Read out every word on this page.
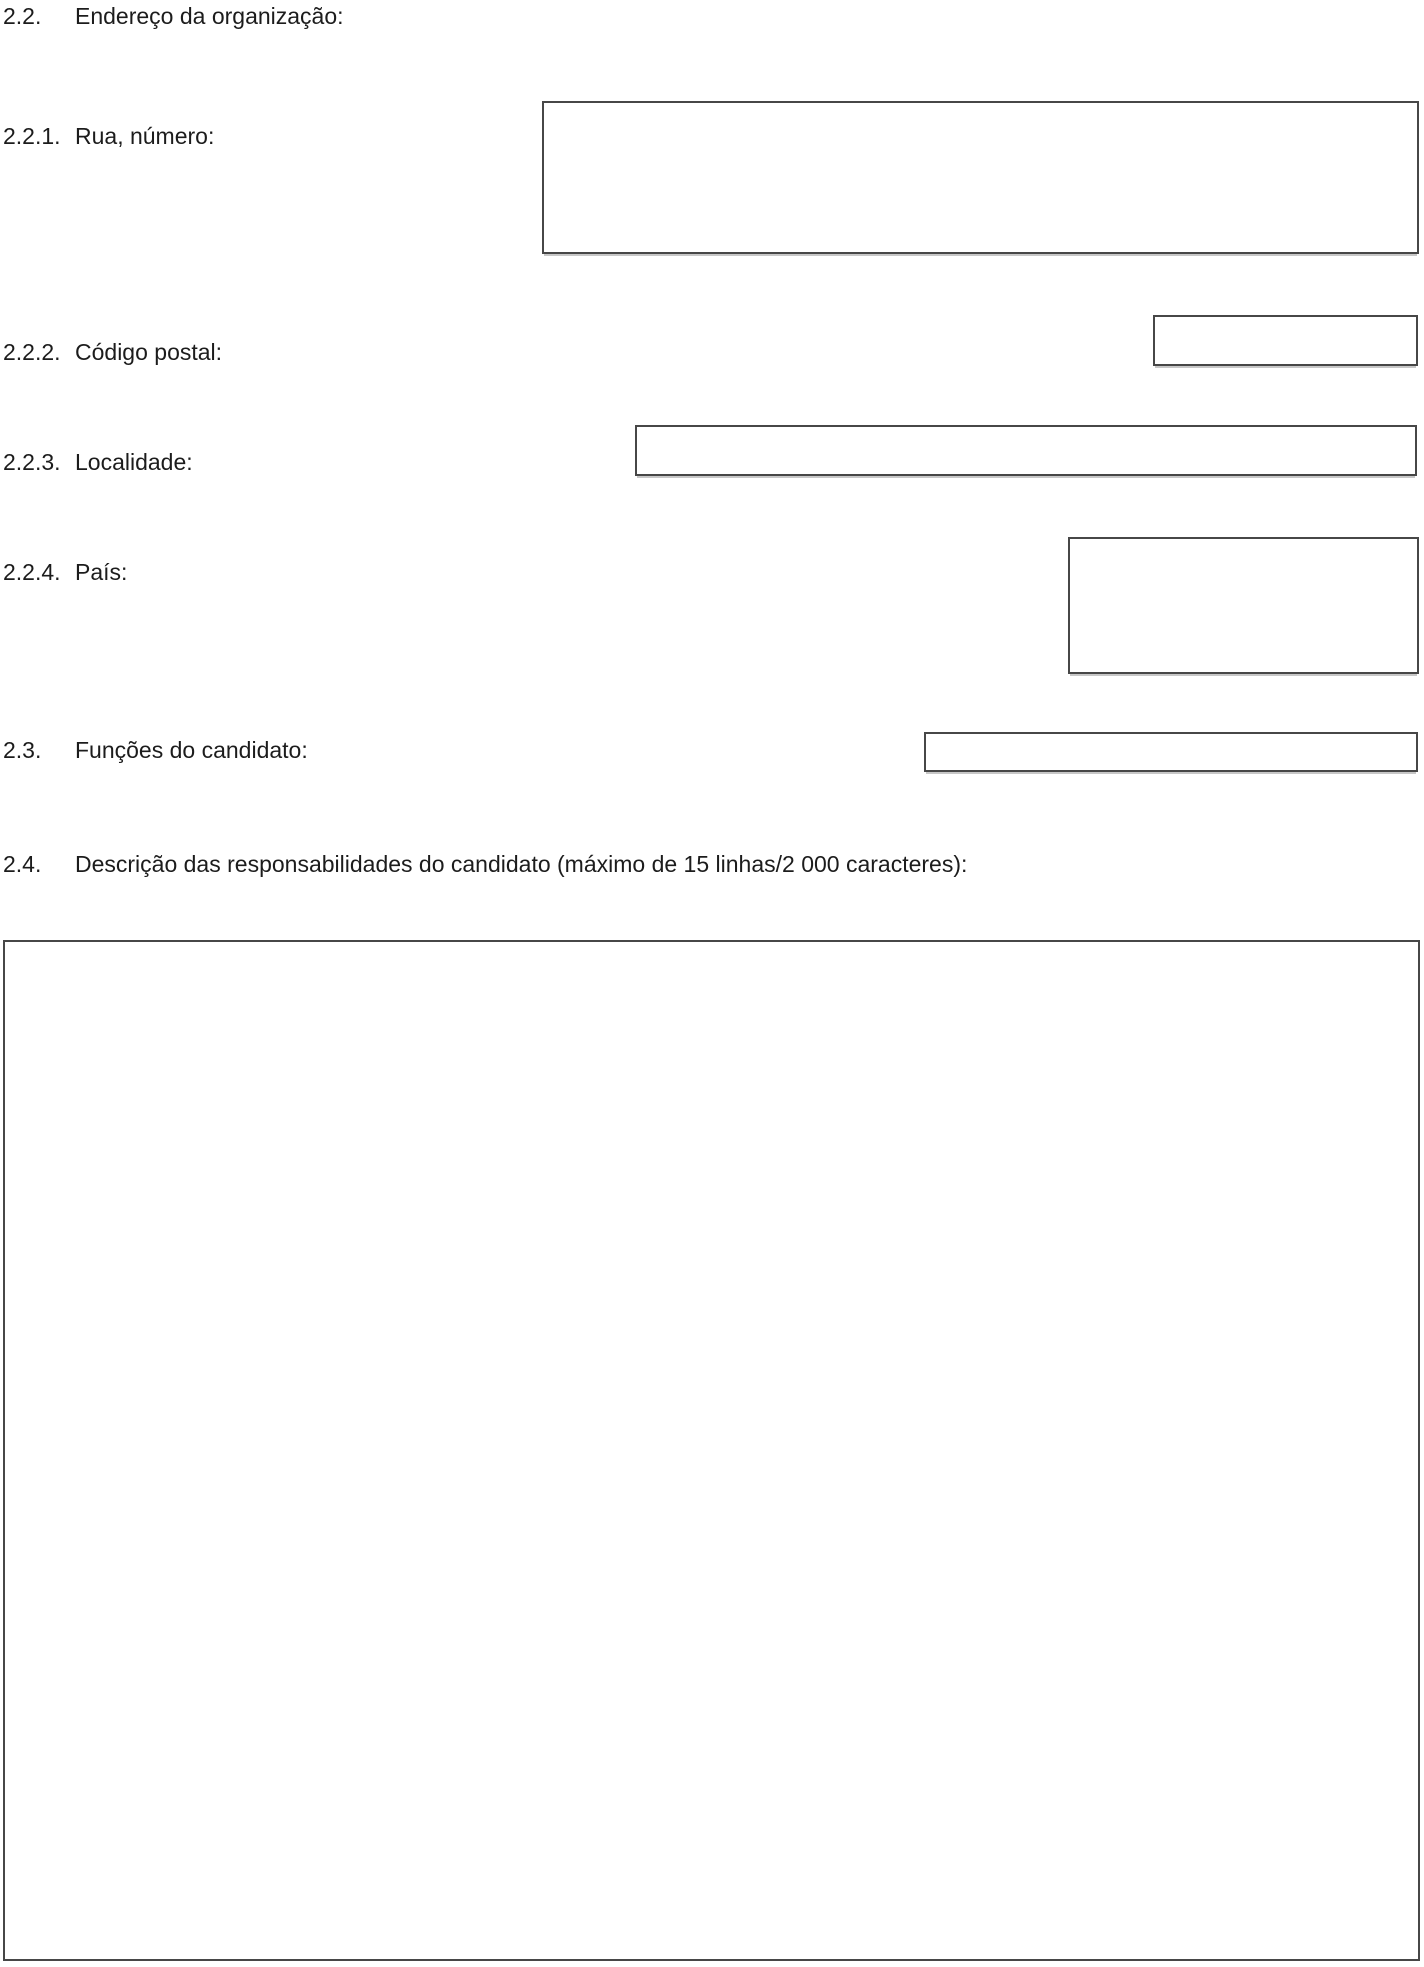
2.2. Endereço da organização:
2.2.1. Rua, número:
2.2.2. Código postal:
2.2.3. Localidade:
2.2.4. País:
2.3. Funções do candidato:
2.4. Descrição das responsabilidades do candidato (máximo de 15 linhas/2 000 caracteres):
